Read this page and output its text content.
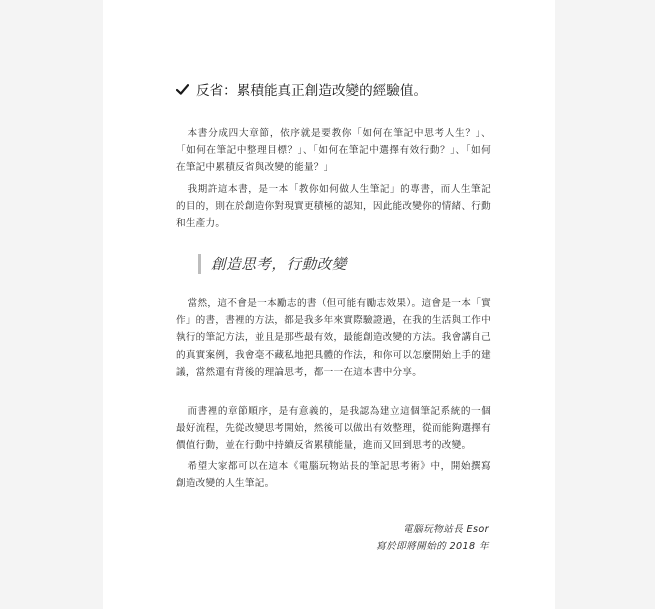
反省：累積能真正創造改變的經驗值。

本書分成四大章節，依序就是要教你「如何在筆記中思考人生？」、「如何在筆記中整理目標？」、「如何在筆記中選擇有效行動？」、「如何在筆記中累積反省與改變的能量？」

我期許這本書，是一本「教你如何做人生筆記」的專書，而人生筆記的目的，則在於創造你對現實更積極的認知，因此能改變你的情緒、行動和生產力。

創造思考，行動改變

當然，這不會是一本勵志的書（但可能有勵志效果）。這會是一本「實作」的書，書裡的方法，都是我多年來實際驗證過，在我的生活與工作中執行的筆記方法，並且是那些最有效，最能創造改變的方法。我會講自己的真實案例，我會毫不藏私地把具體的作法，和你可以怎麼開始上手的建議，當然還有背後的理論思考，都一一在這本書中分享。

而書裡的章節順序，是有意義的，是我認為建立這個筆記系統的一個最好流程，先從改變思考開始，然後可以做出有效整理，從而能夠選擇有價值行動，並在行動中持續反省累積能量，進而又回到思考的改變。

希望大家都可以在這本《電腦玩物站長的筆記思考術》中，開始撰寫創造改變的人生筆記。

電腦玩物站長 Esor
寫於即將開始的 2018 年
